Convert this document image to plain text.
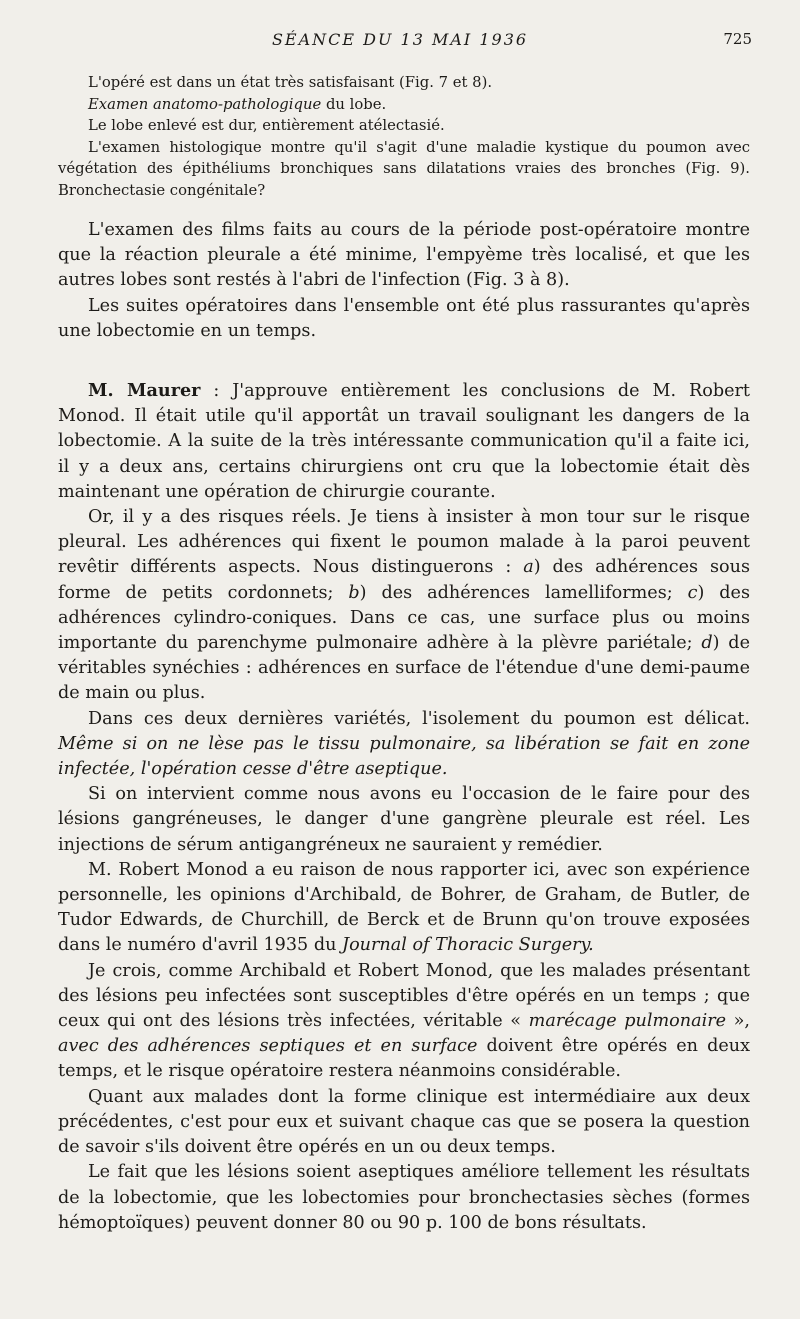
SÉANCE DU 13 MAI 1936	725

L'opéré est dans un état très satisfaisant (Fig. 7 et 8).

Examen anatomo-pathologique du lobe.

Le lobe enlevé est dur, entièrement atélectasié.

L'examen histologique montre qu'il s'agit d'une maladie kystique du poumon avec végétation des épithéliums bronchiques sans dilatations vraies des bronches (Fig. 9). Bronchectasie congénitale?

L'examen des films faits au cours de la période post-opératoire montre que la réaction pleurale a été minime, l'empyème très localisé, et que les autres lobes sont restés à l'abri de l'infection (Fig. 3 à 8).

Les suites opératoires dans l'ensemble ont été plus rassurantes qu'après une lobectomie en un temps.

M. Maurer : J'approuve entièrement les conclusions de M. Robert Monod. Il était utile qu'il apportât un travail soulignant les dangers de la lobectomie. A la suite de la très intéressante communication qu'il a faite ici, il y a deux ans, certains chirurgiens ont cru que la lobectomie était dès maintenant une opération de chirurgie courante.

Or, il y a des risques réels. Je tiens à insister à mon tour sur le risque pleural. Les adhérences qui fixent le poumon malade à la paroi peuvent revêtir différents aspects. Nous distinguerons : a) des adhérences sous forme de petits cordonnets; b) des adhérences lamelliformes; c) des adhérences cylindro-coniques. Dans ce cas, une surface plus ou moins importante du parenchyme pulmonaire adhère à la plèvre pariétale; d) de véritables synéchies : adhérences en surface de l'étendue d'une demi-paume de main ou plus.

Dans ces deux dernières variétés, l'isolement du poumon est délicat. Même si on ne lèse pas le tissu pulmonaire, sa libération se fait en zone infectée, l'opération cesse d'être aseptique.

Si on intervient comme nous avons eu l'occasion de le faire pour des lésions gangréneuses, le danger d'une gangrène pleurale est réel. Les injections de sérum antigangréneux ne sauraient y remédier.

M. Robert Monod a eu raison de nous rapporter ici, avec son expérience personnelle, les opinions d'Archibald, de Bohrer, de Graham, de Butler, de Tudor Edwards, de Churchill, de Berck et de Brunn qu'on trouve exposées dans le numéro d'avril 1935 du Journal of Thoracic Surgery.

Je crois, comme Archibald et Robert Monod, que les malades présentant des lésions peu infectées sont susceptibles d'être opérés en un temps ; que ceux qui ont des lésions très infectées, véritable « marécage pulmonaire », avec des adhérences septiques et en surface doivent être opérés en deux temps, et le risque opératoire restera néanmoins considérable.

Quant aux malades dont la forme clinique est intermédiaire aux deux précédentes, c'est pour eux et suivant chaque cas que se posera la question de savoir s'ils doivent être opérés en un ou deux temps.

Le fait que les lésions soient aseptiques améliore tellement les résultats de la lobectomie, que les lobectomies pour bronchectasies sèches (formes hémoptoïques) peuvent donner 80 ou 90 p. 100 de bons résultats.
